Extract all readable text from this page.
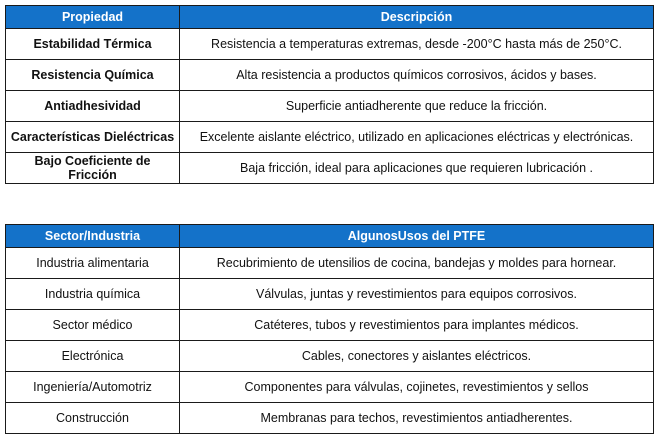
Propiedad	Descripción
Estabilidad Térmica	Resistencia a temperaturas extremas, desde -200°C hasta más de 250°C.
Resistencia Química	Alta resistencia a productos químicos corrosivos, ácidos y bases.
Antiadhesividad	Superficie antiadherente que reduce la fricción.
Características Dieléctricas	Excelente aislante eléctrico, utilizado en aplicaciones eléctricas y electrónicas.
Bajo Coeficiente de Fricción	Baja fricción, ideal para aplicaciones que requieren lubricación .
Sector/Industria	AlgunosUsos del PTFE
Industria alimentaria	Recubrimiento de utensilios de cocina, bandejas y moldes para hornear.
Industria química	Válvulas, juntas y revestimientos para equipos corrosivos.
Sector médico	Catéteres, tubos y revestimientos para implantes médicos.
Electrónica	Cables, conectores y aislantes eléctricos.
Ingeniería/Automotriz	Componentes para válvulas, cojinetes, revestimientos y sellos
Construcción	Membranas para techos, revestimientos antiadherentes.
